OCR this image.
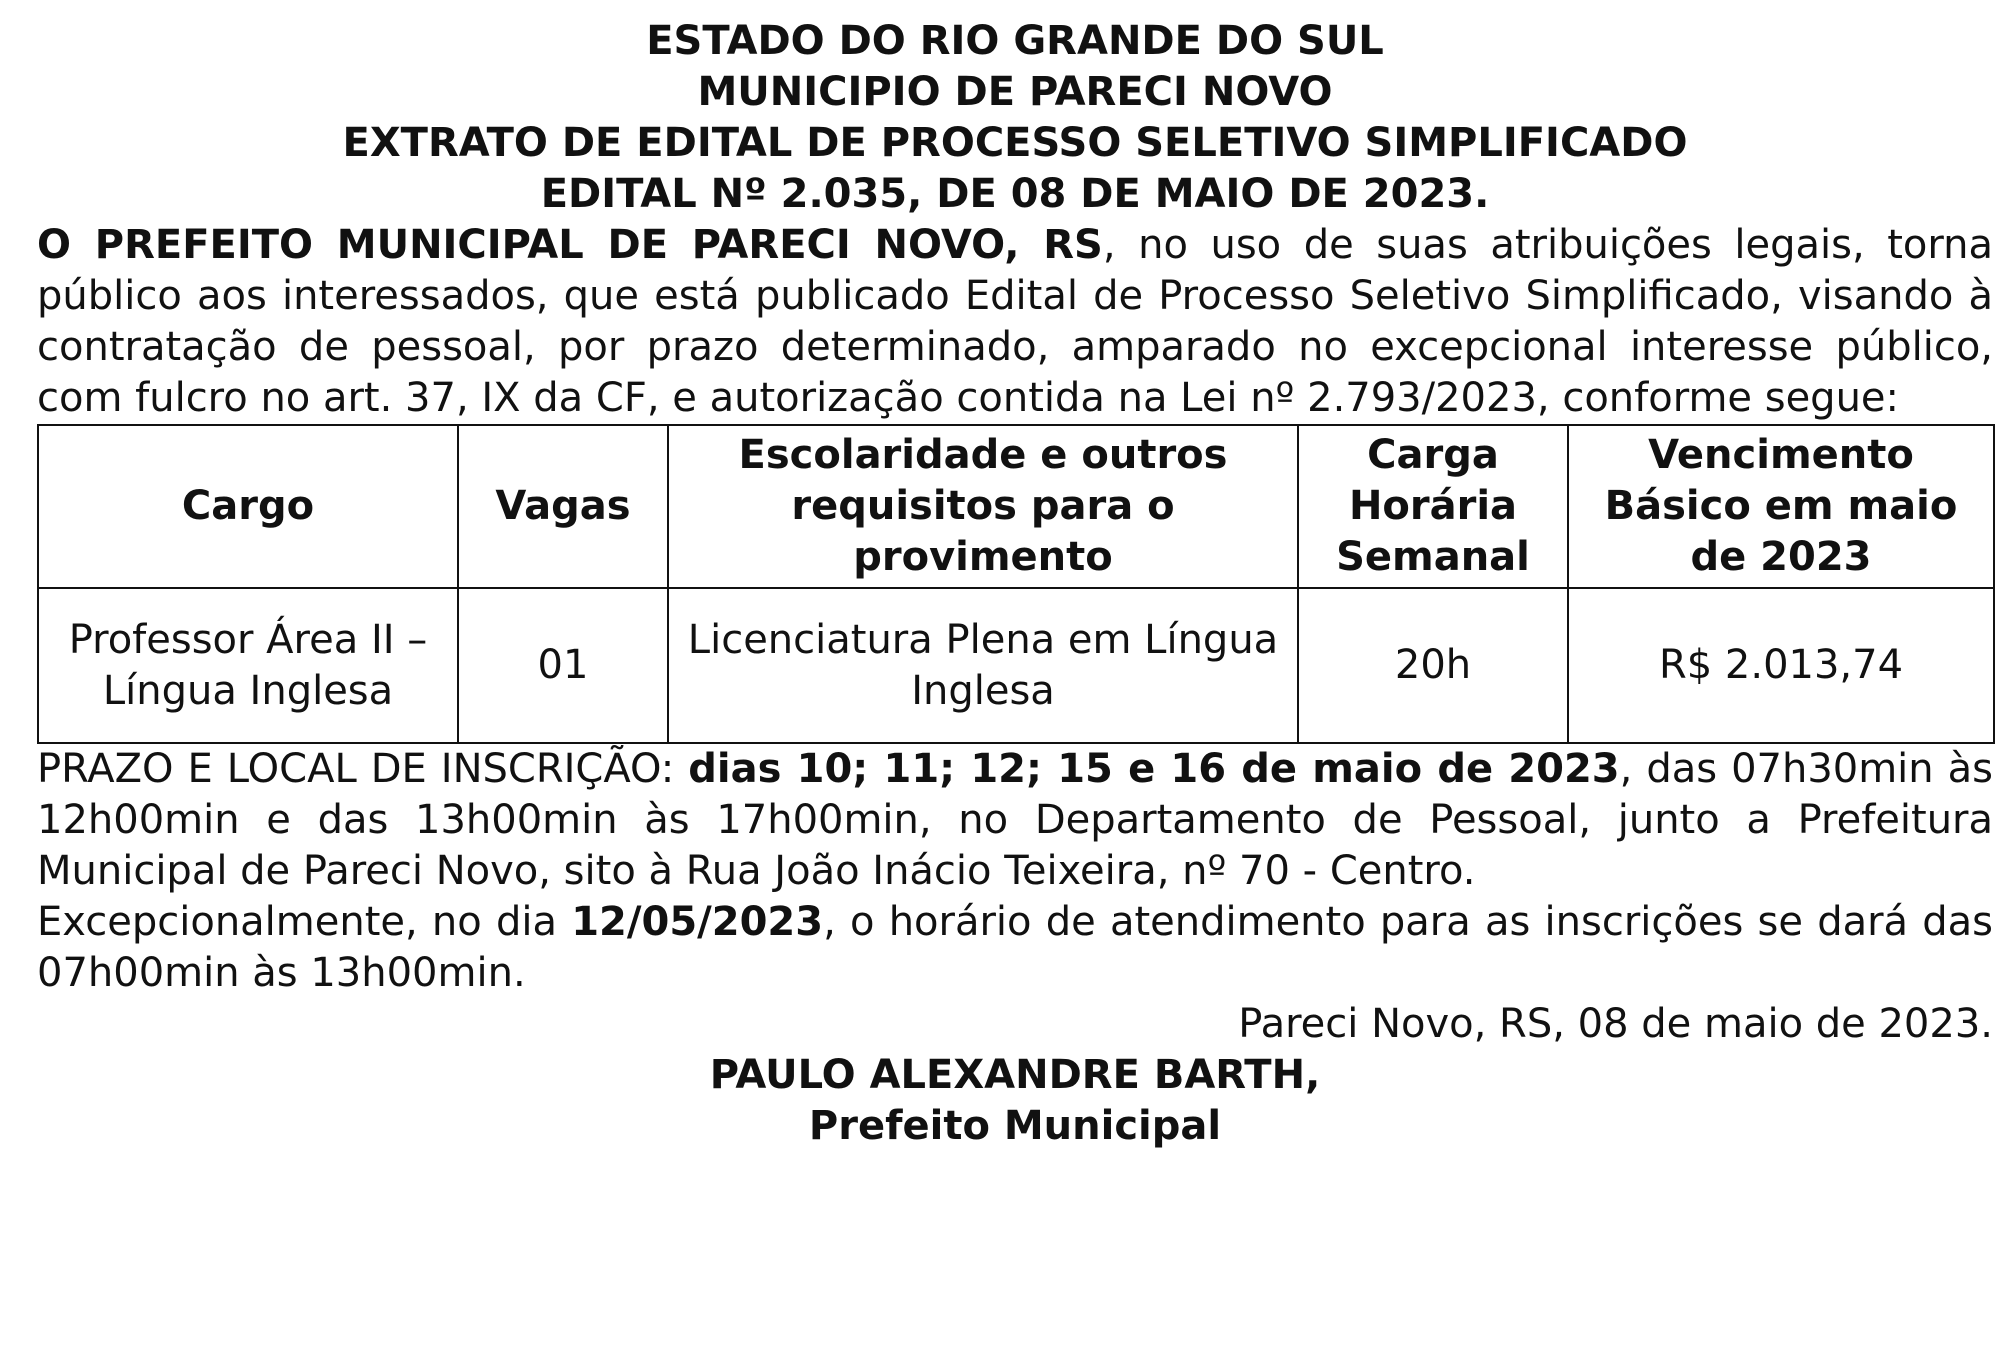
ESTADO DO RIO GRANDE DO SUL

MUNICIPIO DE PARECI NOVO

EXTRATO DE EDITAL DE PROCESSO SELETIVO SIMPLIFICADO

EDITAL Nº 2.035, DE 08 DE MAIO DE 2023.

O PREFEITO MUNICIPAL DE PARECI NOVO, RS, no uso de suas atribuições legais, torna público aos interessados, que está publicado Edital de Processo Seletivo Simplificado, visando à contratação de pessoal, por prazo determinado, amparado no excepcional interesse público, com fulcro no art. 37, IX da CF, e autorização contida na Lei nº 2.793/2023, conforme segue:

Cargo	Vagas	Escolaridade e outros requisitos para o provimento	Carga Horária Semanal	Vencimento Básico em maio de 2023
Professor Área II – Língua Inglesa	01	Licenciatura Plena em Língua Inglesa	20h	R$ 2.013,74

PRAZO E LOCAL DE INSCRIÇÃO: dias 10; 11; 12; 15 e 16 de maio de 2023, das 07h30min às 12h00min e das 13h00min às 17h00min, no Departamento de Pessoal, junto a Prefeitura Municipal de Pareci Novo, sito à Rua João Inácio Teixeira, nº 70 - Centro.

Excepcionalmente, no dia 12/05/2023, o horário de atendimento para as inscrições se dará das 07h00min às 13h00min.

Pareci Novo, RS, 08 de maio de 2023.

PAULO ALEXANDRE BARTH,

Prefeito Municipal
